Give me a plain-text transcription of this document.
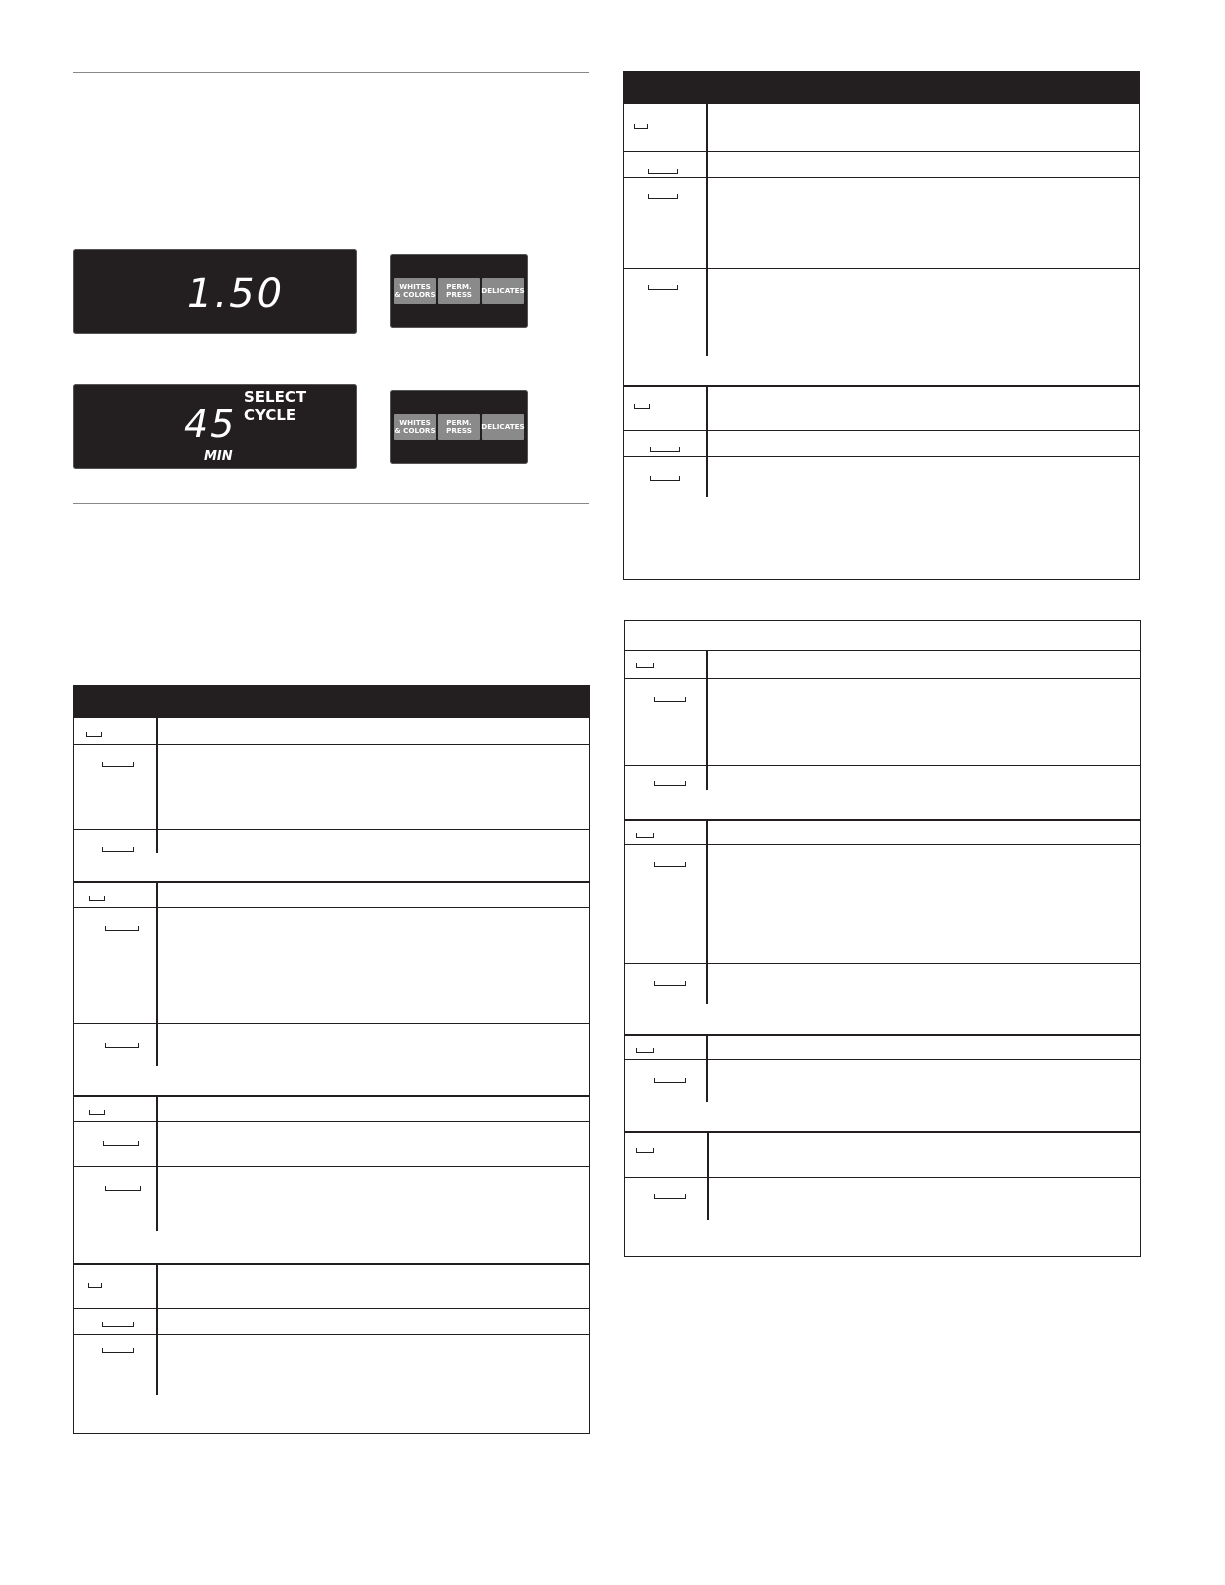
1.50	WHITES
& COLORS
PERM.
PRESS	DELICATES
SELECT CYCLE
45
MIN
WHITES
& COLORS
PERM.
PRESS	DELICATES
